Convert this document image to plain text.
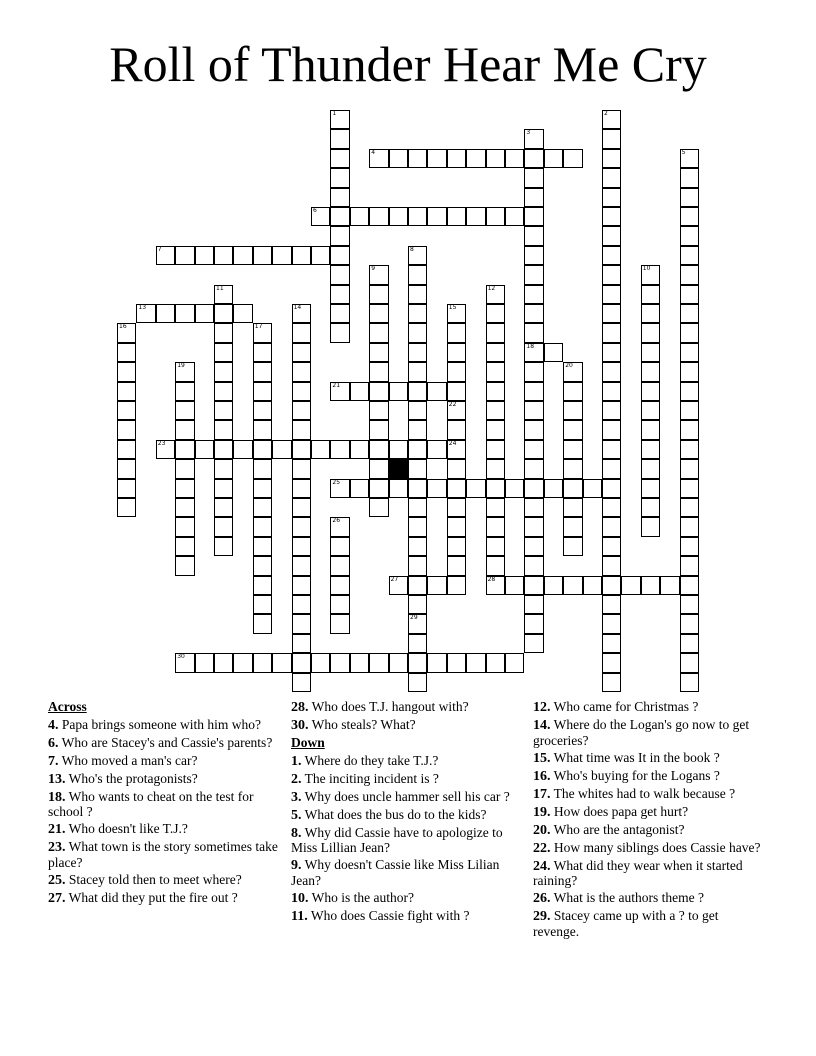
Roll of Thunder Hear Me Cry
1	2
3
18
4	5
6
7	8
29
9	10
11	12
28
13	14	15
22
24
16	17
19	20
21
23
25
26
27
30

Across

4. Papa brings someone with him who?

6. Who are Stacey's and Cassie's parents?

7. Who moved a man's car?

13. Who's the protagonists?

18. Who wants to cheat on the test for school ?

21. Who doesn't like T.J.?

23. What town is the story sometimes take place?

25. Stacey told then to meet where?

27. What did they put the fire out ?

28. Who does T.J. hangout with?

30. Who steals? What?

Down

1. Where do they take T.J.?

2. The inciting incident is ?

3. Why does uncle hammer sell his car ?

5. What does the bus do to the kids?

8. Why did Cassie have to apologize to Miss Lillian Jean?

9. Why doesn't Cassie like Miss Lilian Jean?

10. Who is the author?

11. Who does Cassie fight with ?

12. Who came for Christmas ?

14. Where do the Logan's go now to get groceries?

15. What time was It in the book ?

16. Who's buying for the Logans ?

17. The whites had to walk because ?

19. How does papa get hurt?

20. Who are the antagonist?

22. How many siblings does Cassie have?

24. What did they wear when it started raining?

26. What is the authors theme ?

29. Stacey came up with a ? to get revenge.
